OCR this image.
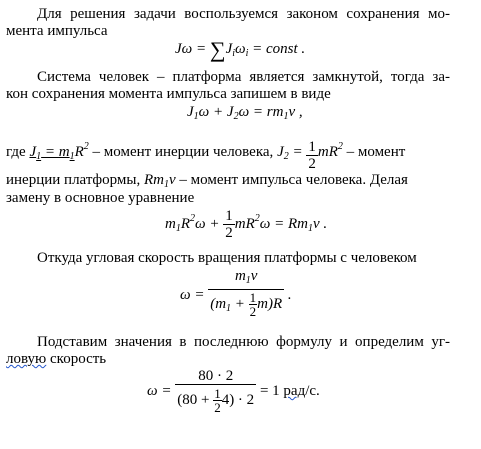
Для решения задачи воспользуемся законом сохранения мо-
мента импульса
$J\omega = \sum J_i\omega_i$ = const .
Система человек – платформа является замкнутой, тогда за-
кон сохранения момента импульса запишем в виде
$J_1\omega + J_2\omega = rm_1v$ ,
где $J_1 = m_1R^2$ – момент инерции человека, $J_2 = \frac{1}{2} mR^2$ – момент
инерции платформы, $Rm_1v$ – момент импульса человека. Делая
замену в основное уравнение
$m_1R^2\omega + \frac{1}{2} mR^2\omega = Rm_1v$ .
Откуда угловая скорость вращения платформы с человеком
$\omega = \frac{m_1v}{(m_1 + \frac{1}{2} m)R}$ .
Подставим значения в последнюю формулу и определим уг-
ловую скорость
$\omega = \frac{80 \cdot 2}{(80 + \frac{1}{2} 4) \cdot 2} = 1$ рад/с.
